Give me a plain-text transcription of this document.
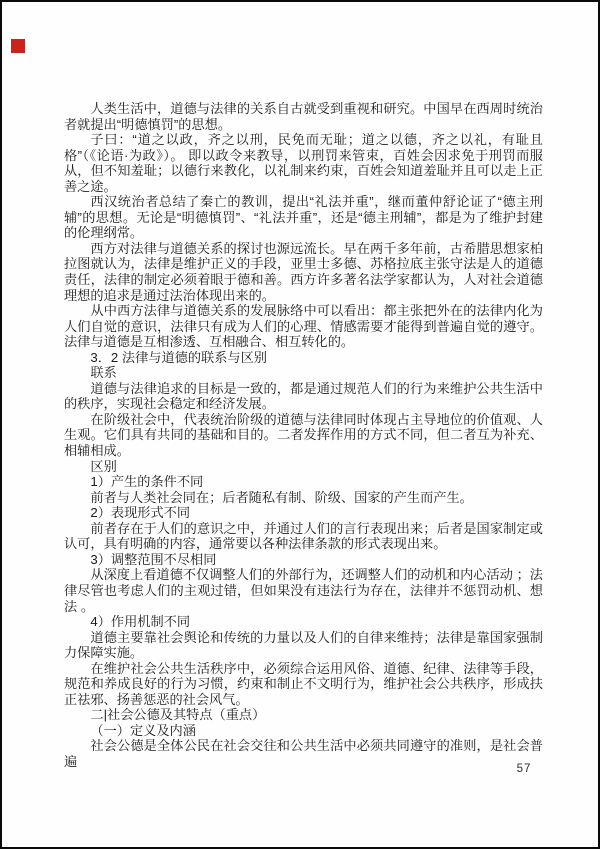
人类生活中，道德与法律的关系自古就受到重视和研究。中国早在西周时统治者就提出“明德慎罚”的思想。

子曰：“道之以政，齐之以刑，民免而无耻；道之以德，齐之以礼，有耻且格”（《论语·为政》）。 即以政令来教导，以刑罚来管束，百姓会因求免于刑罚而服从，但不知羞耻；以德行来教化，以礼制来约束，百姓会知道羞耻并且可以走上正善之途。

西汉统治者总结了秦亡的教训，提出“礼法并重”，继而董仲舒论证了“德主刑辅”的思想。无论是“明德慎罚”、“礼法并重”，还是“德主刑辅”，都是为了维护封建的伦理纲常。

西方对法律与道德关系的探讨也源远流长。早在两千多年前，古希腊思想家柏拉图就认为，法律是维护正义的手段，亚里士多德、苏格拉底主张守法是人的道德责任，法律的制定必须着眼于德和善。西方许多著名法学家都认为，人对社会道德理想的追求是通过法治体现出来的。

从中西方法律与道德关系的发展脉络中可以看出：都主张把外在的法律内化为人们自觉的意识，法律只有成为人们的心理、情感需要才能得到普遍自觉的遵守。法律与道德是互相渗透、互相融合、相互转化的。

3．2 法律与道德的联系与区别

联系

道德与法律追求的目标是一致的，都是通过规范人们的行为来维护公共生活中的秩序，实现社会稳定和经济发展。

在阶级社会中，代表统治阶级的道德与法律同时体现占主导地位的价值观、人生观。它们具有共同的基础和目的。二者发挥作用的方式不同，但二者互为补充、相辅相成。

区别

1）产生的条件不同

前者与人类社会同在；后者随私有制、阶级、国家的产生而产生。

2）表现形式不同

前者存在于人们的意识之中，并通过人们的言行表现出来；后者是国家制定或认可，具有明确的内容，通常要以各种法律条款的形式表现出来。

3）调整范围不尽相同

从深度上看道德不仅调整人们的外部行为，还调整人们的动机和内心活动 ；法律尽管也考虑人们的主观过错，但如果没有违法行为存在，法律并不惩罚动机、想法 。

4）作用机制不同

道德主要靠社会舆论和传统的力量以及人们的自律来维持；法律是靠国家强制力保障实施。

在维护社会公共生活秩序中，必须综合运用风俗、道德、纪律、法律等手段，规范和养成良好的行为习惯，约束和制止不文明行为，维护社会公共秩序，形成扶正祛邪、扬善惩恶的社会风气。

二|社会公德及其特点（重点）

（一）定义及内涵

社会公德是全体公民在社会交往和公共生活中必须共同遵守的准则，是社会普遍

57
